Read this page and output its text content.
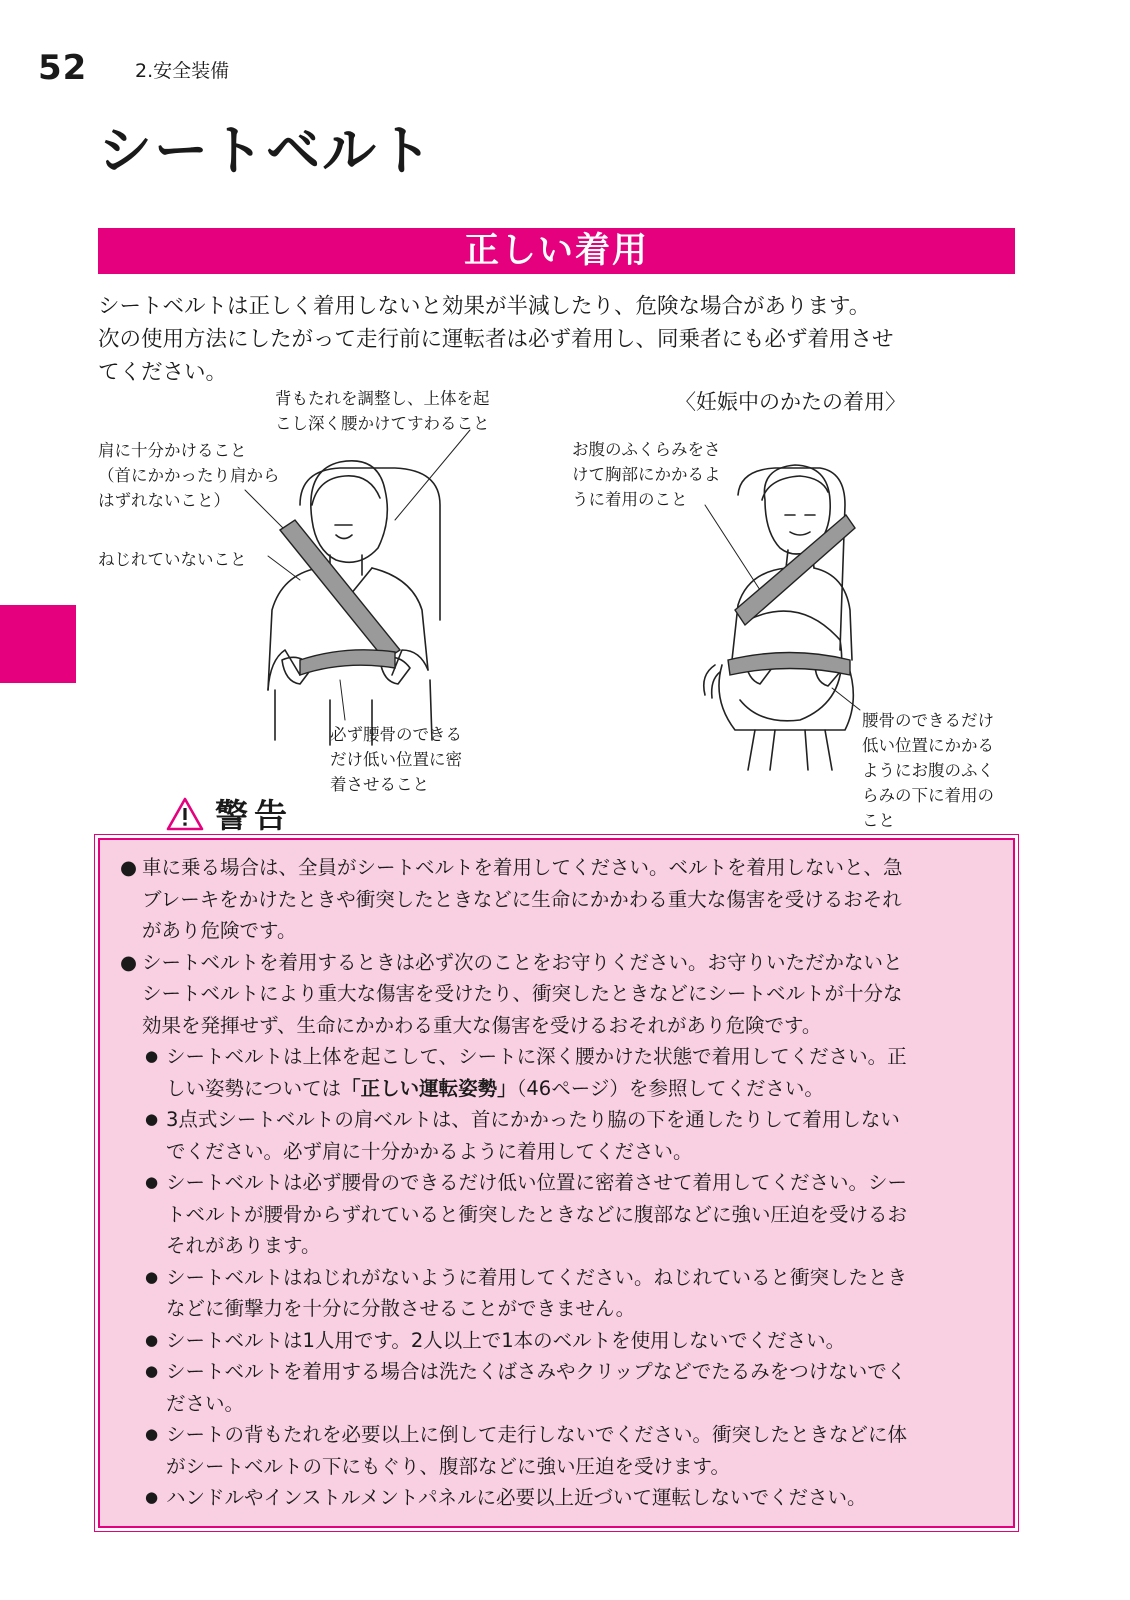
52	2.安全装備
シートベルト
正しい着用
シートベルトは正しく着用しないと効果が半減したり、危険な場合があります。
次の使用方法にしたがって走行前に運転者は必ず着用し、同乗者にも必ず着用させ
てください。
背もたれを調整し、上体を起
こし深く腰かけてすわること
肩に十分かけること
（首にかかったり肩から
はずれないこと）
ねじれていないこと
必ず腰骨のできる
だけ低い位置に密
着させること
〈妊娠中のかたの着用〉
お腹のふくらみをさ
けて胸部にかかるよ
うに着用のこと
腰骨のできるだけ
低い位置にかかる
ようにお腹のふく
らみの下に着用の
こと
警告
● 車に乗る場合は、全員がシートベルトを着用してください。ベルトを着用しないと、急
ブレーキをかけたときや衝突したときなどに生命にかかわる重大な傷害を受けるおそれ
があり危険です。
● シートベルトを着用するときは必ず次のことをお守りください。お守りいただかないと
シートベルトにより重大な傷害を受けたり、衝突したときなどにシートベルトが十分な
効果を発揮せず、生命にかかわる重大な傷害を受けるおそれがあり危険です。
● シートベルトは上体を起こして、シートに深く腰かけた状態で着用してください。正
しい姿勢については「正しい運転姿勢」（46ページ）を参照してください。
● 3点式シートベルトの肩ベルトは、首にかかったり脇の下を通したりして着用しない
でください。必ず肩に十分かかるように着用してください。
● シートベルトは必ず腰骨のできるだけ低い位置に密着させて着用してください。シー
トベルトが腰骨からずれていると衝突したときなどに腹部などに強い圧迫を受けるお
それがあります。
● シートベルトはねじれがないように着用してください。ねじれていると衝突したとき
などに衝撃力を十分に分散させることができません。
● シートベルトは1人用です。2人以上で1本のベルトを使用しないでください。
● シートベルトを着用する場合は洗たくばさみやクリップなどでたるみをつけないでく
ださい。
● シートの背もたれを必要以上に倒して走行しないでください。衝突したときなどに体
がシートベルトの下にもぐり、腹部などに強い圧迫を受けます。
● ハンドルやインストルメントパネルに必要以上近づいて運転しないでください。
